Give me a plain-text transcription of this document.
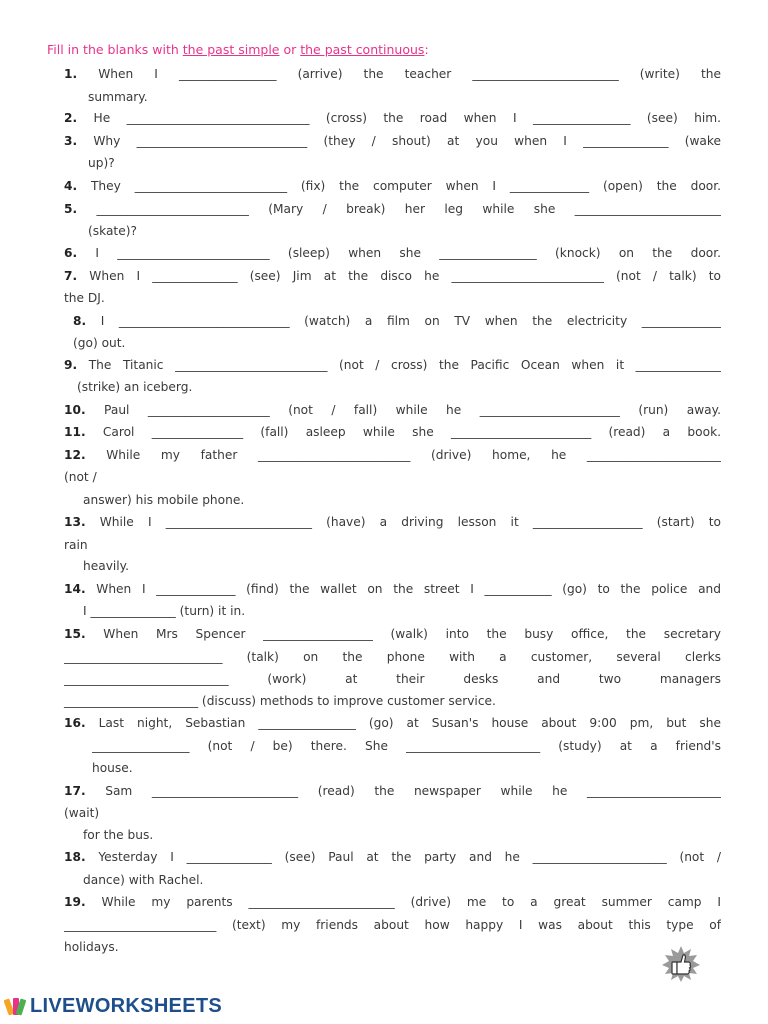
Fill in the blanks with the past simple or the past continuous:
1. When I ________________ (arrive) the teacher ________________________ (write) the
summary.
2. He ______________________________ (cross) the road when I ________________ (see) him.
3. Why ____________________________ (they / shout) at you when I ______________ (wake
up)?
4. They _________________________ (fix) the computer when I _____________ (open) the door.
5. _________________________ (Mary / break) her leg while she ________________________
(skate)?
6. I _________________________ (sleep) when she ________________ (knock) on the door.
7. When I ______________ (see) Jim at the disco he _________________________ (not / talk) to
the DJ.
8. I ____________________________ (watch) a film on TV when the electricity _____________
(go) out.
9. The Titanic _________________________ (not / cross) the Pacific Ocean when it ______________
(strike) an iceberg.
10. Paul ____________________ (not / fall) while he _______________________ (run) away.
11. Carol _______________ (fall) asleep while she _______________________ (read) a book.
12. While my father _________________________ (drive) home, he ______________________
(not /
answer) his mobile phone.
13. While I ________________________ (have) a driving lesson it __________________ (start) to
rain
heavily.
14. When I _____________ (find) the wallet on the street I ___________ (go) to the police and
I ______________ (turn) it in.
15. When Mrs Spencer __________________ (walk) into the busy office, the secretary
__________________________ (talk) on the phone with a customer, several clerks
___________________________ (work) at their desks and two managers
______________________ (discuss) methods to improve customer service.
16. Last night, Sebastian ________________ (go) at Susan's house about 9:00 pm, but she
________________ (not / be) there. She ______________________ (study) at a friend's
house.
17. Sam ________________________ (read) the newspaper while he ______________________
(wait)
for the bus.
18. Yesterday I ______________ (see) Paul at the party and he ______________________ (not /
dance) with Rachel.
19. While my parents ________________________ (drive) me to a great summer camp I
_________________________ (text) my friends about how happy I was about this type of
holidays.
LIVEWORKSHEETS
